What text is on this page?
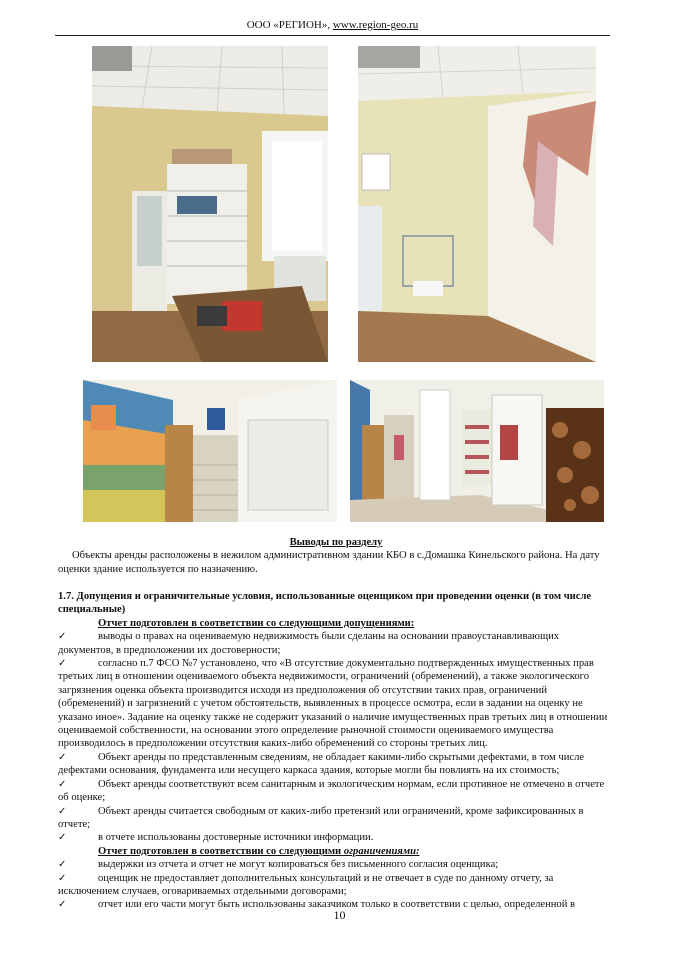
ООО «РЕГИОН», www.region-geo.ru
Выводы по разделу

Объекты аренды расположены в нежилом административном здании КБО в с.Домашка Кинельского района. На дату оценки здание используется по назначению.

1.7. Допущения и ограничительные условия, использованные оценщиком при проведении оценки (в том числе специальные)

Отчет подготовлен в соответствии со следующими допущениями:

✓	выводы о правах на оцениваемую недвижимость были сделаны на основании правоустанавливающих документов, в предположении их достоверности;

✓	согласно п.7 ФСО №7 установлено, что «В отсутствие документально подтвержденных имущественных прав третьих лиц в отношении оцениваемого объекта недвижимости, ограничений (обременений), а также экологического загрязнения оценка объекта производится исходя из предположения об отсутствии таких прав, ограничений (обременений) и загрязнений с учетом обстоятельств, выявленных в процессе осмотра, если в задании на оценку не указано иное». Задание на оценку также не содержит указаний о наличие имущественных прав третьих лиц в отношении оцениваемой собственности, на основании этого определение рыночной стоимости оцениваемого имущества производилось в предположении отсутствия каких-либо обременений со стороны третьих лиц.

✓	Объект аренды по представленным сведениям, не обладает какими-либо скрытыми дефектами, в том числе дефектами основания, фундамента или несущего каркаса здания, которые могли бы повлиять на их стоимость;

✓	Объект аренды соответствуют всем санитарным и экологическим нормам, если противное не отмечено в отчете об оценке;

✓	Объект аренды считается свободным от каких-либо претензий или ограничений, кроме зафиксированных в отчете;

✓	в отчете использованы достоверные источники информации.

Отчет подготовлен в соответствии со следующими ограничениями:

✓	выдержки из отчета и отчет не могут копироваться без письменного согласия оценщика;

✓	оценщик не предоставляет дополнительных консультаций и не отвечает в суде по данному отчету, за исключением случаев, оговариваемых отдельными договорами;

✓	отчет или его части могут быть использованы заказчиком только в соответствии с целью, определенной в

10
